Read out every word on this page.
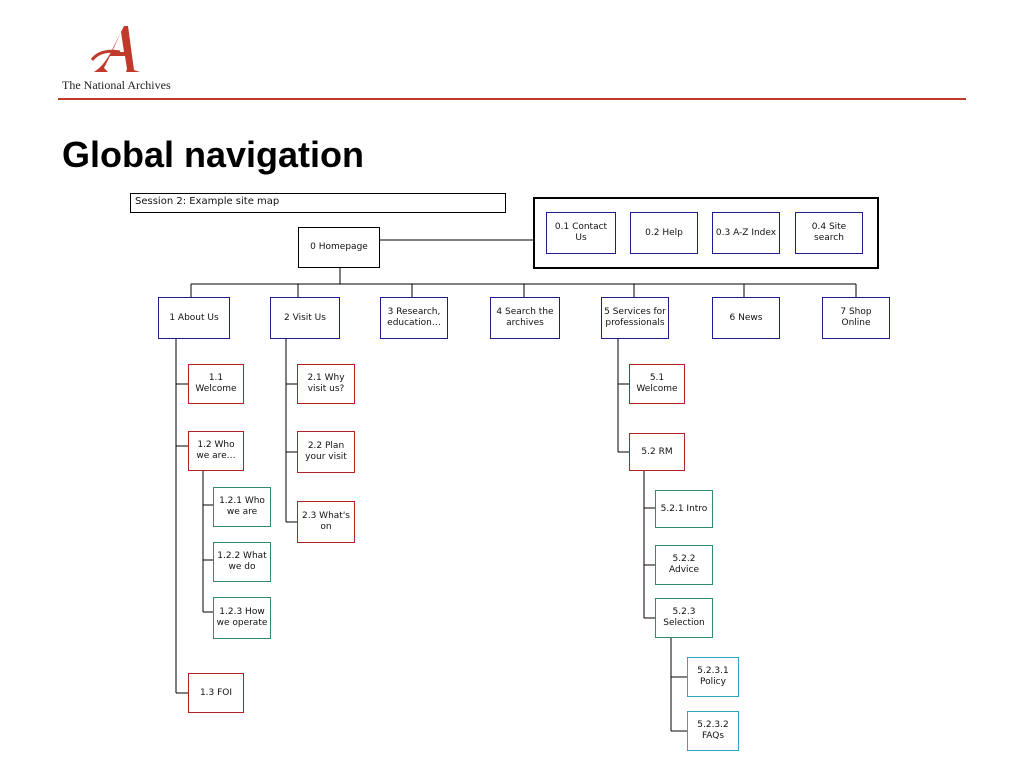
The National Archives
Global navigation
Session 2: Example site map
0 Homepage
0.1 Contact Us
0.2 Help	0.3 A-Z Index
0.4 Site search
1 About Us	2 Visit Us
3 Research, education…
4 Search the archives
5 Services for professionals
6 News
7 Shop Online
1.1 Welcome
1.2 Who we are…
1.3 FOI
1.2.1 Who we are
1.2.2 What we do
1.2.3 How we operate
2.1 Why visit us?
2.2 Plan your visit
2.3 What's on
5.1 Welcome
5.2 RM
5.2.1 Intro
5.2.2 Advice
5.2.3 Selection
5.2.3.1 Policy
5.2.3.2 FAQs
